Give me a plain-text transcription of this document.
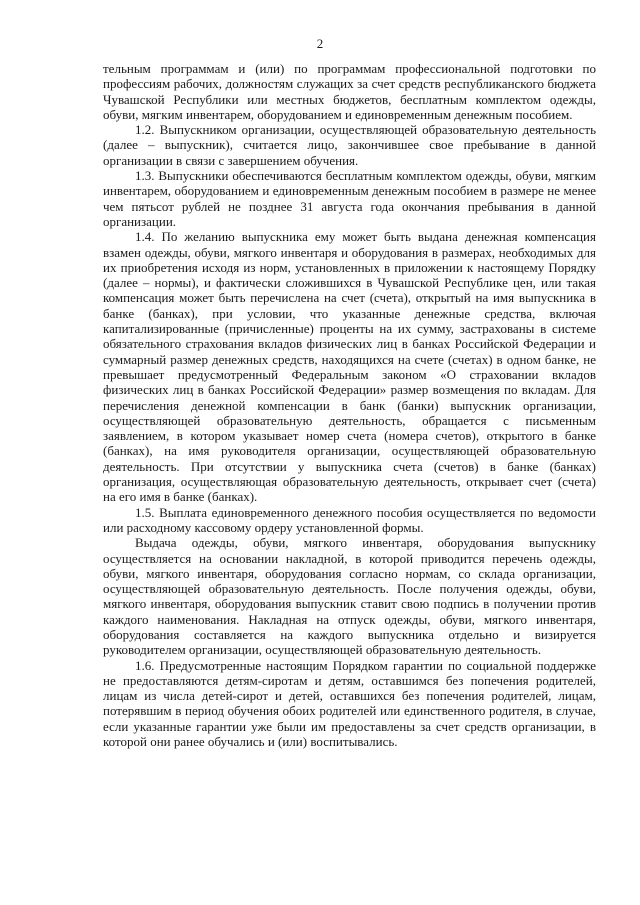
2

тельным программам и (или) по программам профессиональной подготовки по профессиям рабочих, должностям служащих за счет средств республиканского бюджета Чувашской Республики или местных бюджетов, бесплатным комплектом одежды, обуви, мягким инвентарем, оборудованием и единовременным денежным пособием.

1.2. Выпускником организации, осуществляющей образовательную деятельность (далее – выпускник), считается лицо, закончившее свое пребывание в данной организации в связи с завершением обучения.

1.3. Выпускники обеспечиваются бесплатным комплектом одежды, обуви, мягким инвентарем, оборудованием и единовременным денежным пособием в размере не менее чем пятьсот рублей не позднее 31 августа года окончания пребывания в данной организации.

1.4. По желанию выпускника ему может быть выдана денежная компенсация взамен одежды, обуви, мягкого инвентаря и оборудования в размерах, необходимых для их приобретения исходя из норм, установленных в приложении к настоящему Порядку (далее – нормы), и фактически сложившихся в Чувашской Республике цен, или такая компенсация может быть перечислена на счет (счета), открытый на имя выпускника в банке (банках), при условии, что указанные денежные средства, включая капитализированные (причисленные) проценты на их сумму, застрахованы в системе обязательного страхования вкладов физических лиц в банках Российской Федерации и суммарный размер денежных средств, находящихся на счете (счетах) в одном банке, не превышает предусмотренный Федеральным законом «О страховании вкладов физических лиц в банках Российской Федерации» размер возмещения по вкладам. Для перечисления денежной компенсации в банк (банки) выпускник организации, осуществляющей образовательную деятельность, обращается с письменным заявлением, в котором указывает номер счета (номера счетов), открытого в банке (банках), на имя руководителя организации, осуществляющей образовательную деятельность. При отсутствии у выпускника счета (счетов) в банке (банках) организация, осуществляющая образовательную деятельность, открывает счет (счета) на его имя в банке (банках).

1.5. Выплата единовременного денежного пособия осуществляется по ведомости или расходному кассовому ордеру установленной формы.

Выдача одежды, обуви, мягкого инвентаря, оборудования выпускнику осуществляется на основании накладной, в которой приводится перечень одежды, обуви, мягкого инвентаря, оборудования согласно нормам, со склада организации, осуществляющей образовательную деятельность. После получения одежды, обуви, мягкого инвентаря, оборудования выпускник ставит свою подпись в получении против каждого наименования. Накладная на отпуск одежды, обуви, мягкого инвентаря, оборудования составляется на каждого выпускника отдельно и визируется руководителем организации, осуществляющей образовательную деятельность.

1.6. Предусмотренные настоящим Порядком гарантии по социальной поддержке не предоставляются детям-сиротам и детям, оставшимся без попечения родителей, лицам из числа детей-сирот и детей, оставшихся без попечения родителей, лицам, потерявшим в период обучения обоих родителей или единственного родителя, в случае, если указанные гарантии уже были им предоставлены за счет средств организации, в которой они ранее обучались и (или) воспитывались.
